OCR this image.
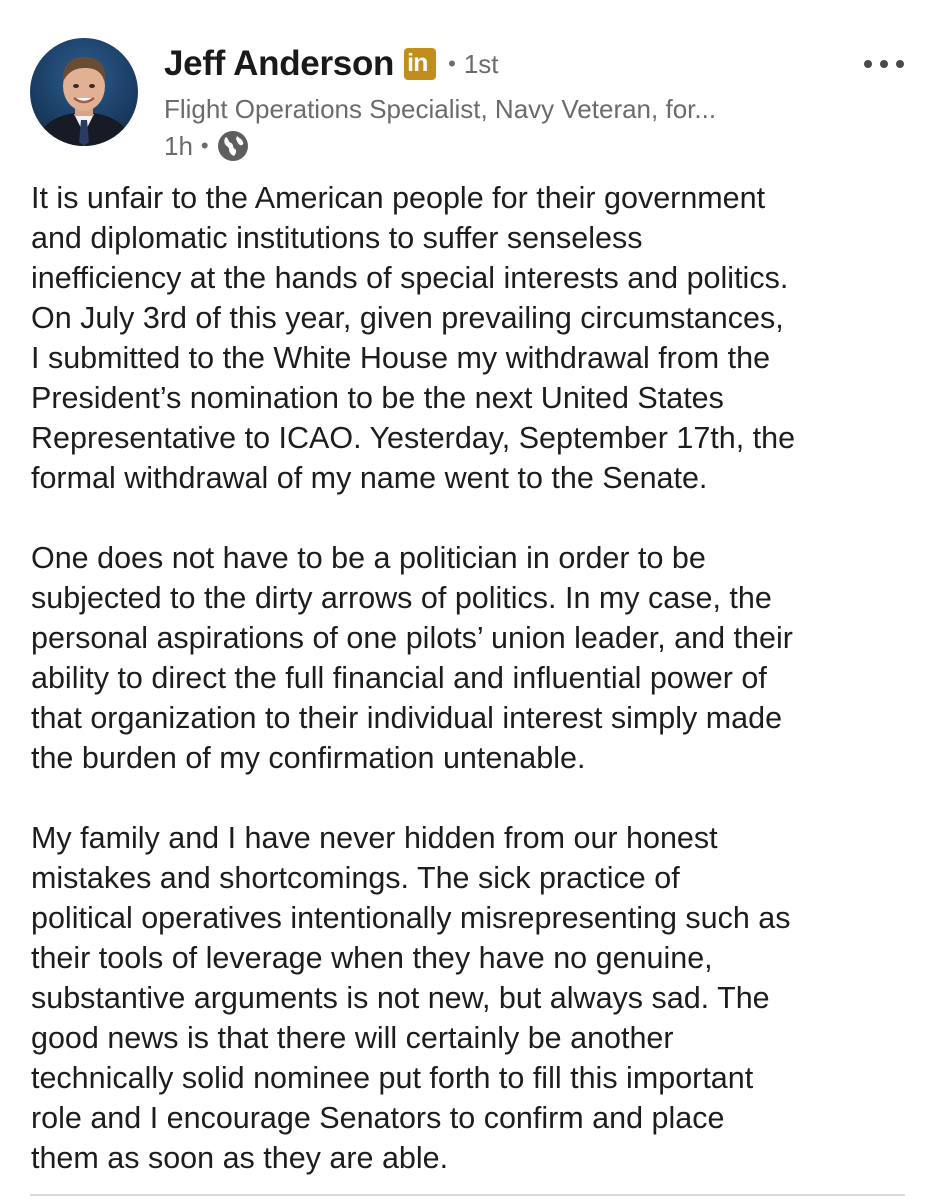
Jeff Anderson in • 1st
Flight Operations Specialist, Navy Veteran, for...
1h •

It is unfair to the American people for their government
and diplomatic institutions to suffer senseless
inefficiency at the hands of special interests and politics.
On July 3rd of this year, given prevailing circumstances,
I submitted to the White House my withdrawal from the
President’s nomination to be the next United States
Representative to ICAO. Yesterday, September 17th, the
formal withdrawal of my name went to the Senate.

One does not have to be a politician in order to be
subjected to the dirty arrows of politics. In my case, the
personal aspirations of one pilots’ union leader, and their
ability to direct the full financial and influential power of
that organization to their individual interest simply made
the burden of my confirmation untenable.

My family and I have never hidden from our honest
mistakes and shortcomings. The sick practice of
political operatives intentionally misrepresenting such as
their tools of leverage when they have no genuine,
substantive arguments is not new, but always sad. The
good news is that there will certainly be another
technically solid nominee put forth to fill this important
role and I encourage Senators to confirm and place
them as soon as they are able.
